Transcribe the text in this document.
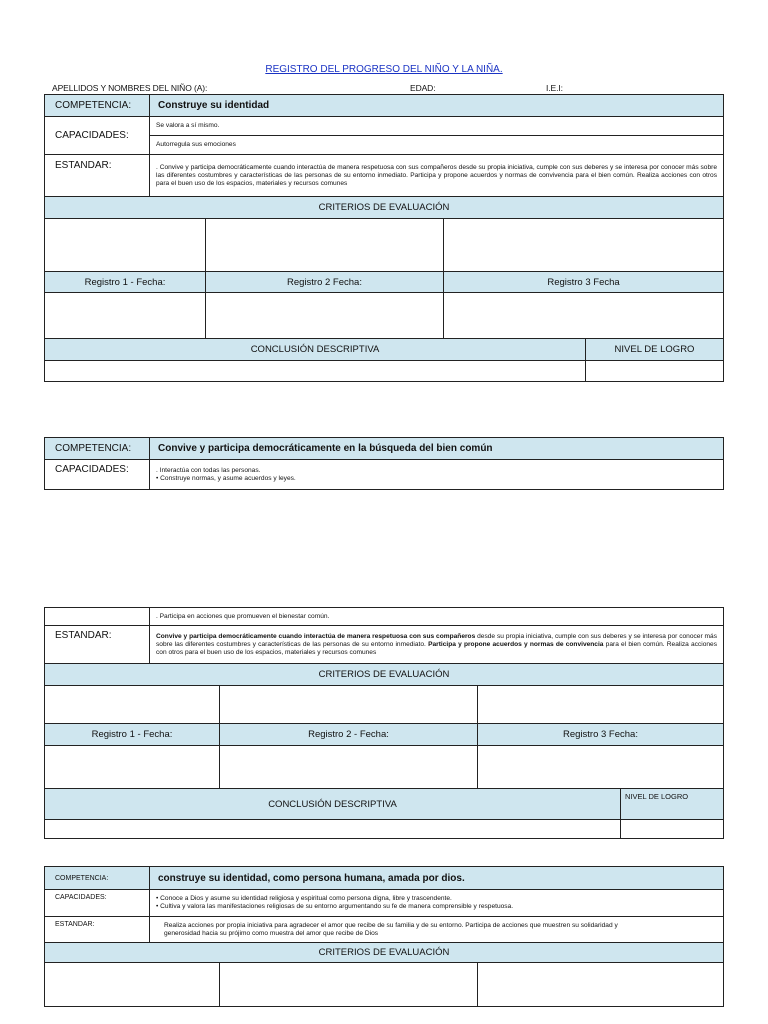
REGISTRO DEL PROGRESO DEL NIÑO Y LA NIÑA.
APELLIDOS Y NOMBRES DEL NIÑO (A):	EDAD:	I.E.I:
COMPETENCIA:	Construye su identidad			
CAPACIDADES:	Se valora a sí mismo.			
	Autorregula sus emociones			
ESTANDAR:	. Convive y participa democráticamente cuando interactúa de manera respetuosa con sus compañeros desde su propia iniciativa, cumple con sus deberes y se interesa por conocer más sobre las diferentes costumbres y características de las personas de su entorno inmediato. Participa y propone acuerdos y normas de convivencia para el bien común. Realiza acciones con otros para el buen uso de los espacios, materiales y recursos comunes			
CRITERIOS DE EVALUACIÓN				

Registro 1 - Fecha:		Registro 2 Fecha:	Registro 3 Fecha	

CONCLUSIÓN DESCRIPTIVA				NIVEL DE LOGRO

COMPETENCIA:	Convive y participa democráticamente en la búsqueda del bien común
CAPACIDADES:	. Interactúa con todas las personas.
• Construye normas, y asume acuerdos y leyes.
	. Participa en acciones que promueven el bienestar común.			
ESTANDAR:	Convive y participa democráticamente cuando interactúa de manera respetuosa con sus compañeros desde su propia iniciativa, cumple con sus deberes y se interesa por conocer más sobre las diferentes costumbres y características de las personas de su entorno inmediato. Participa y propone acuerdos y normas de convivencia para el bien común. Realiza acciones con otros para el buen uso de los espacios, materiales y recursos comunes			
CRITERIOS DE EVALUACIÓN				

Registro 1 - Fecha:		Registro 2 - Fecha:	Registro 3 Fecha:	

CONCLUSIÓN DESCRIPTIVA				NIVEL DE LOGRO

COMPETENCIA:	construye su identidad, como persona humana, amada por dios.		
CAPACIDADES:	• Conoce a Dios y asume su identidad religiosa y espiritual como persona digna, libre y trascendente.
• Cultiva y valora las manifestaciones religiosas de su entorno argumentando su fe de manera comprensible y respetuosa.		

ESTANDAR:	Realiza acciones por propia iniciativa para agradecer el amor que recibe de su familia y de su entorno. Participa de acciones que muestren su solidaridad y generosidad hacia su prójimo como muestra del amor que recibe de Dios		
CRITERIOS DE EVALUACIÓN			
